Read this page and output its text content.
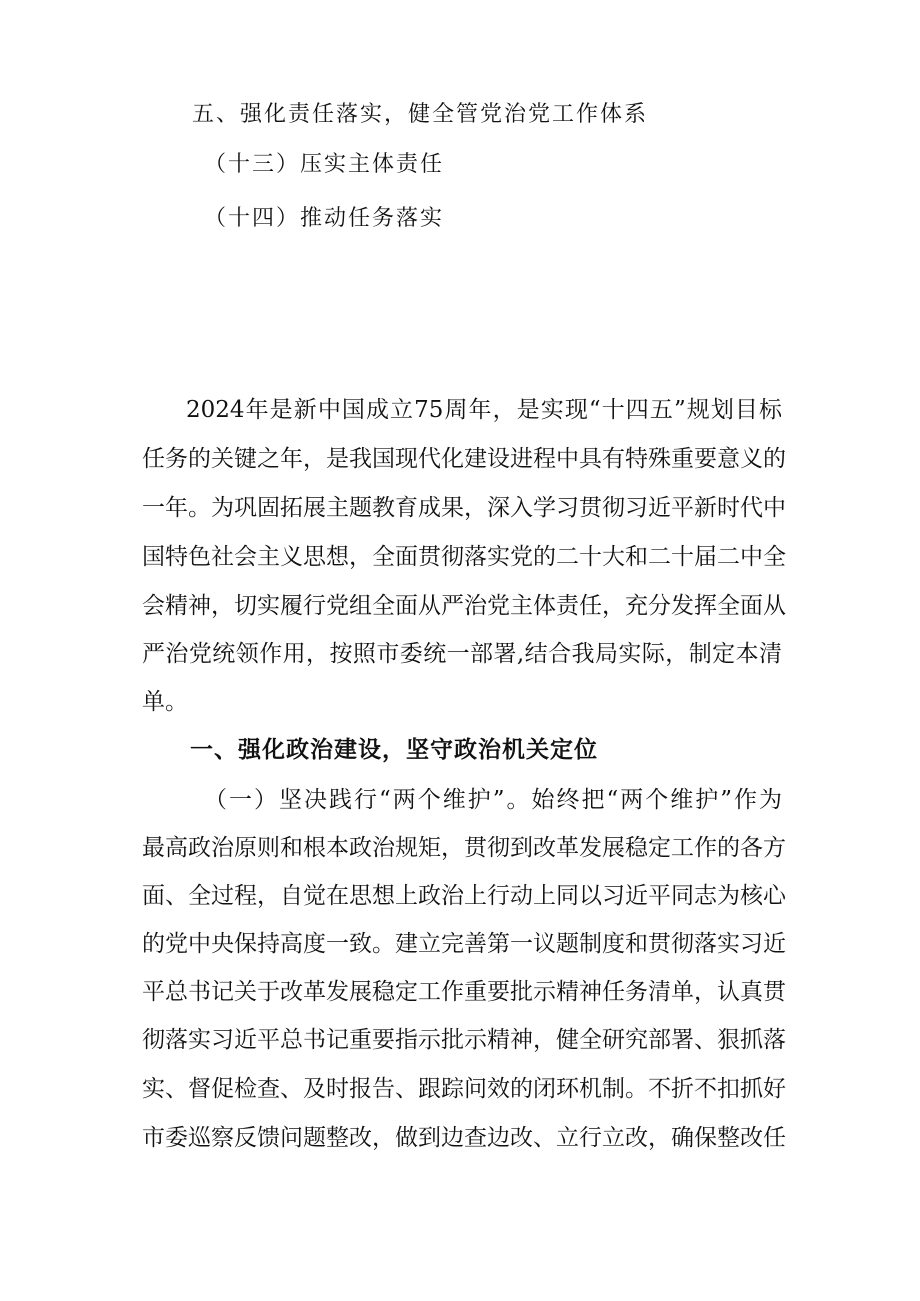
五、强化责任落实，健全管党治党工作体系
（十三）压实主体责任
（十四）推动任务落实
2024年是新中国成立75周年，是实现“十四五”规划目标
任务的关键之年，是我国现代化建设进程中具有特殊重要意义的
一年。为巩固拓展主题教育成果，深入学习贯彻习近平新时代中
国特色社会主义思想，全面贯彻落实党的二十大和二十届二中全
会精神，切实履行党组全面从严治党主体责任，充分发挥全面从
严治党统领作用，按照市委统一部署,结合我局实际，制定本清
单。
一、强化政治建设，坚守政治机关定位
（一）坚决践行“两个维护”。始终把“两个维护”作为
最高政治原则和根本政治规矩，贯彻到改革发展稳定工作的各方
面、全过程，自觉在思想上政治上行动上同以习近平同志为核心
的党中央保持高度一致。建立完善第一议题制度和贯彻落实习近
平总书记关于改革发展稳定工作重要批示精神任务清单，认真贯
彻落实习近平总书记重要指示批示精神，健全研究部署、狠抓落
实、督促检查、及时报告、跟踪问效的闭环机制。不折不扣抓好
市委巡察反馈问题整改，做到边查边改、立行立改，确保整改任
